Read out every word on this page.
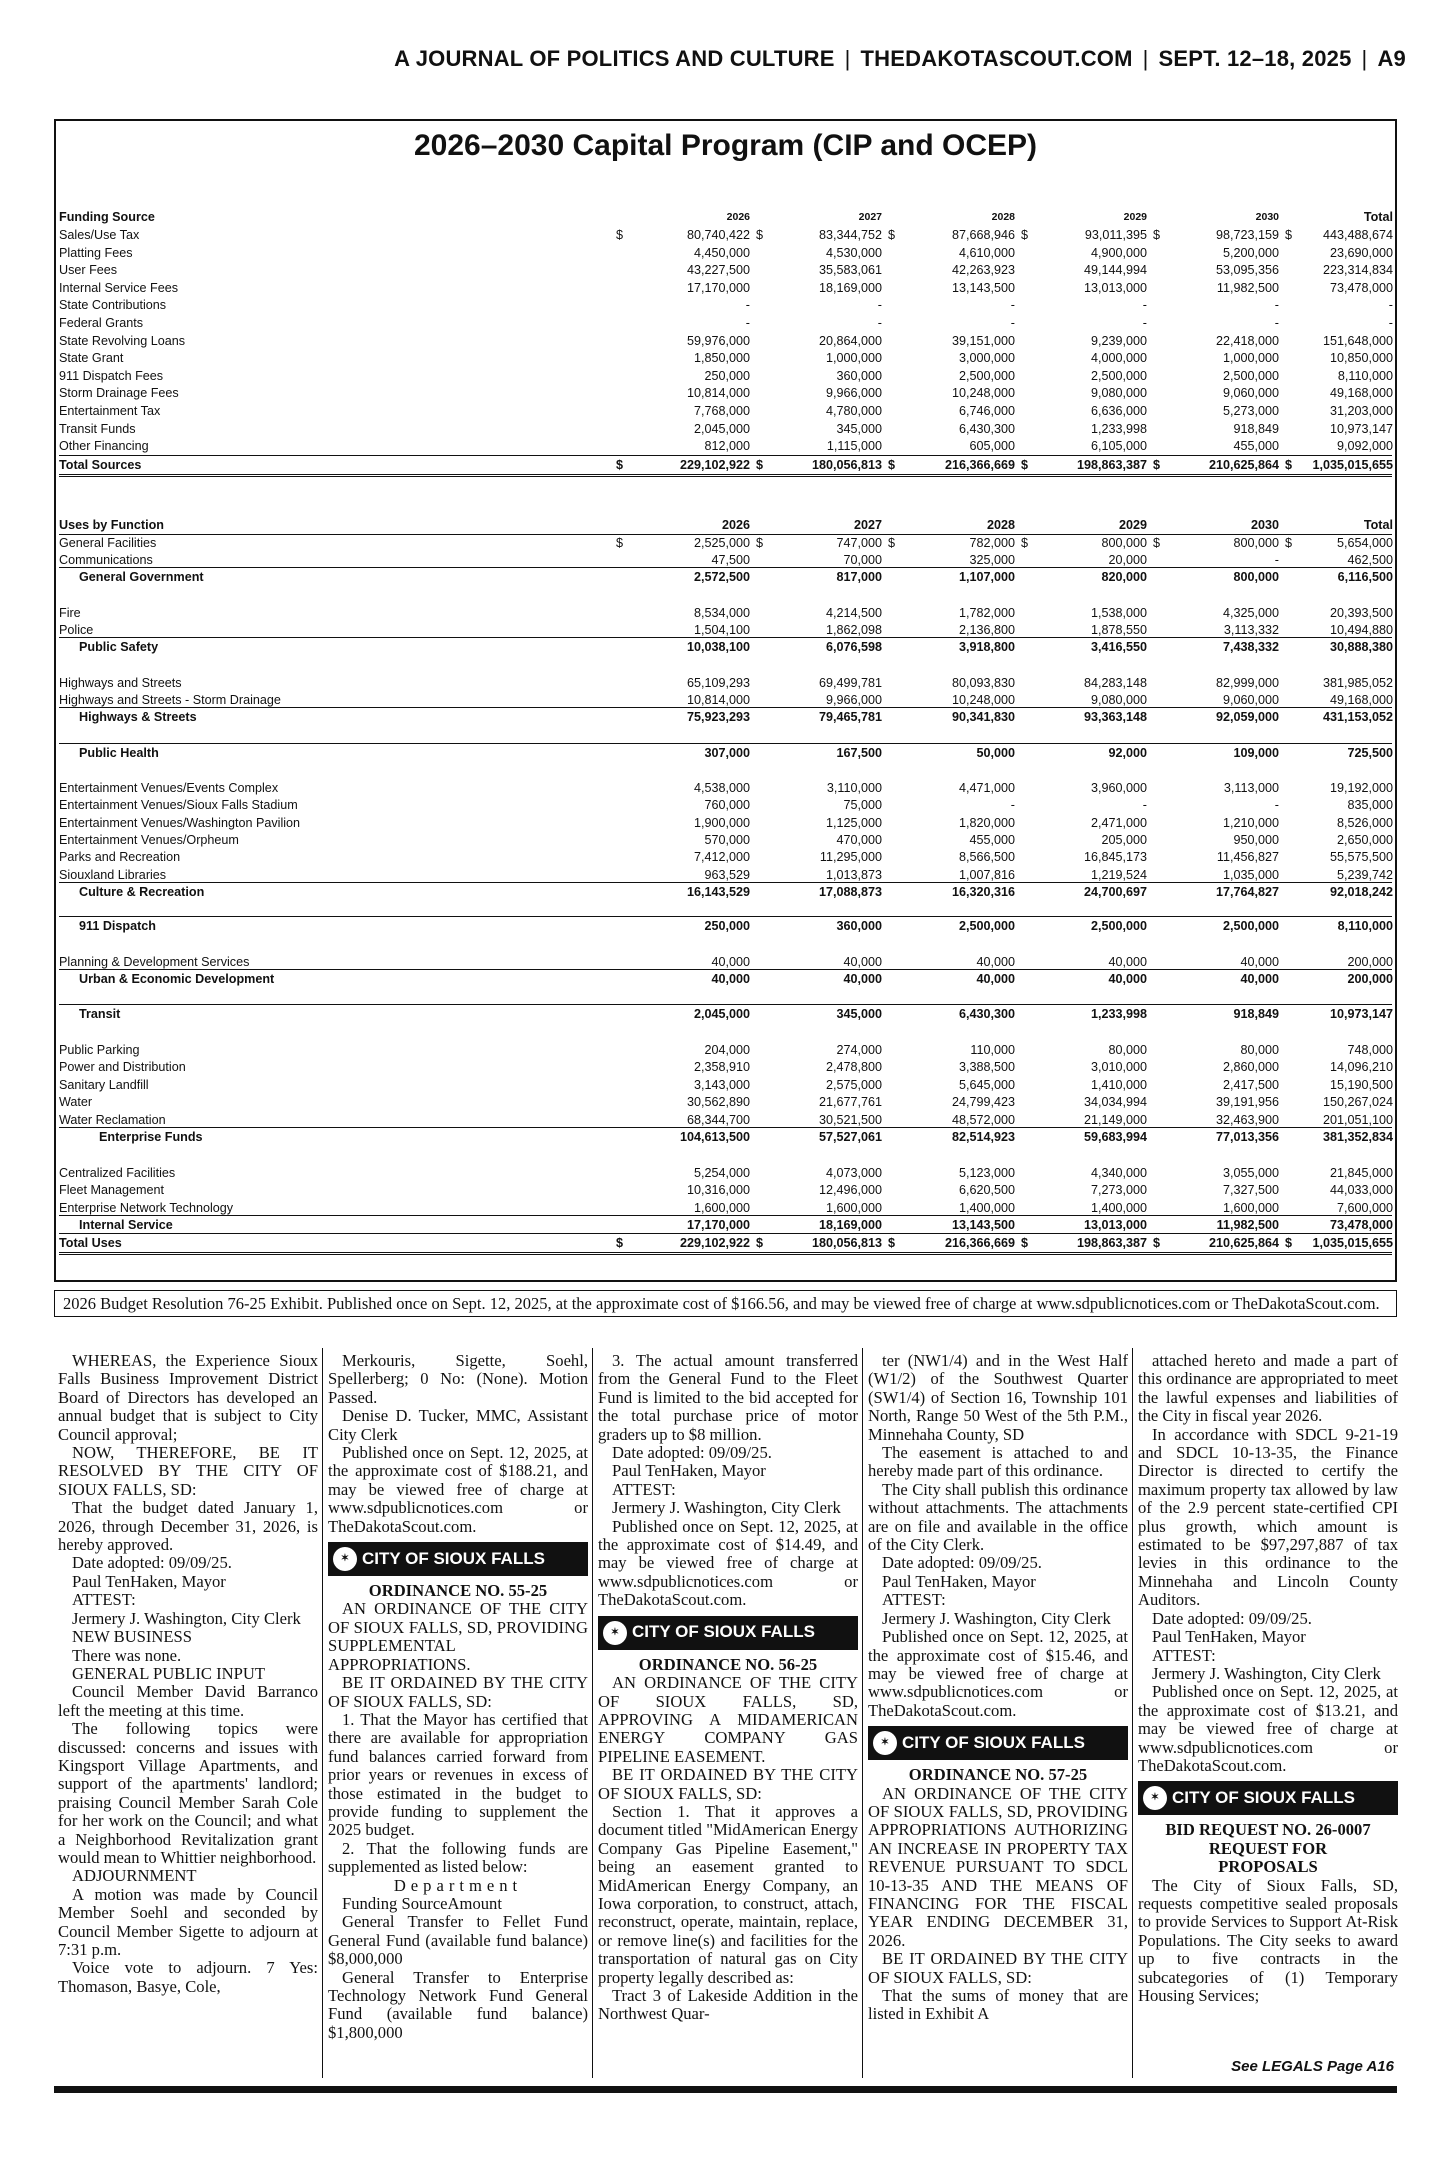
A JOURNAL OF POLITICS AND CULTURE | THEDAKOTASCOUT.COM | SEPT. 12–18, 2025 | A9
2026–2030 Capital Program (CIP and OCEP)
Funding Source	2026	2027	2028	2029	2030	Total
Sales/Use Tax	80,740,422	83,344,752	87,668,946	93,011,395	98,723,159	443,488,674
$	$	$	$	$	$
Platting Fees	4,450,000	4,530,000	4,610,000	4,900,000	5,200,000	23,690,000
User Fees	43,227,500	35,583,061	42,263,923	49,144,994	53,095,356	223,314,834
Internal Service Fees	17,170,000	18,169,000	13,143,500	13,013,000	11,982,500	73,478,000
State Contributions	-	-	-	-	-	-
Federal Grants	-	-	-	-	-	-
State Revolving Loans	59,976,000	20,864,000	39,151,000	9,239,000	22,418,000	151,648,000
State Grant	1,850,000	1,000,000	3,000,000	4,000,000	1,000,000	10,850,000
911 Dispatch Fees	250,000	360,000	2,500,000	2,500,000	2,500,000	8,110,000
Storm Drainage Fees	10,814,000	9,966,000	10,248,000	9,080,000	9,060,000	49,168,000
Entertainment Tax	7,768,000	4,780,000	6,746,000	6,636,000	5,273,000	31,203,000
Transit Funds	2,045,000	345,000	6,430,300	1,233,998	918,849	10,973,147
Other Financing	812,000	1,115,000	605,000	6,105,000	455,000	9,092,000
Total Sources	229,102,922	180,056,813	216,366,669	198,863,387	210,625,864	1,035,015,655
$	$	$	$	$	$
Uses by Function	2026	2027	2028	2029	2030	Total
General Facilities	2,525,000	747,000	782,000	800,000	800,000	5,654,000
$	$	$	$	$	$
Communications	47,500	70,000	325,000	20,000	-	462,500
General Government	2,572,500	817,000	1,107,000	820,000	800,000	6,116,500
Fire	8,534,000	4,214,500	1,782,000	1,538,000	4,325,000	20,393,500
Police	1,504,100	1,862,098	2,136,800	1,878,550	3,113,332	10,494,880
Public Safety	10,038,100	6,076,598	3,918,800	3,416,550	7,438,332	30,888,380
Highways and Streets	65,109,293	69,499,781	80,093,830	84,283,148	82,999,000	381,985,052
Highways and Streets - Storm Drainage	10,814,000	9,966,000	10,248,000	9,080,000	9,060,000	49,168,000
Highways & Streets	75,923,293	79,465,781	90,341,830	93,363,148	92,059,000	431,153,052
Public Health	307,000	167,500	50,000	92,000	109,000	725,500
Entertainment Venues/Events Complex	4,538,000	3,110,000	4,471,000	3,960,000	3,113,000	19,192,000
Entertainment Venues/Sioux Falls Stadium	760,000	75,000	-	-	-	835,000
Entertainment Venues/Washington Pavilion	1,900,000	1,125,000	1,820,000	2,471,000	1,210,000	8,526,000
Entertainment Venues/Orpheum	570,000	470,000	455,000	205,000	950,000	2,650,000
Parks and Recreation	7,412,000	11,295,000	8,566,500	16,845,173	11,456,827	55,575,500
Siouxland Libraries	963,529	1,013,873	1,007,816	1,219,524	1,035,000	5,239,742
Culture & Recreation	16,143,529	17,088,873	16,320,316	24,700,697	17,764,827	92,018,242
911 Dispatch	250,000	360,000	2,500,000	2,500,000	2,500,000	8,110,000
Planning & Development Services	40,000	40,000	40,000	40,000	40,000	200,000
Urban & Economic Development	40,000	40,000	40,000	40,000	40,000	200,000
Transit	2,045,000	345,000	6,430,300	1,233,998	918,849	10,973,147
Public Parking	204,000	274,000	110,000	80,000	80,000	748,000
Power and Distribution	2,358,910	2,478,800	3,388,500	3,010,000	2,860,000	14,096,210
Sanitary Landfill	3,143,000	2,575,000	5,645,000	1,410,000	2,417,500	15,190,500
Water	30,562,890	21,677,761	24,799,423	34,034,994	39,191,956	150,267,024
Water Reclamation	68,344,700	30,521,500	48,572,000	21,149,000	32,463,900	201,051,100
Enterprise Funds	104,613,500	57,527,061	82,514,923	59,683,994	77,013,356	381,352,834
Centralized Facilities	5,254,000	4,073,000	5,123,000	4,340,000	3,055,000	21,845,000
Fleet Management	10,316,000	12,496,000	6,620,500	7,273,000	7,327,500	44,033,000
Enterprise Network Technology	1,600,000	1,600,000	1,400,000	1,400,000	1,600,000	7,600,000
Internal Service	17,170,000	18,169,000	13,143,500	13,013,000	11,982,500	73,478,000
Total Uses	229,102,922	180,056,813	216,366,669	198,863,387	210,625,864	1,035,015,655
$	$	$	$	$	$
2026 Budget Resolution 76-25 Exhibit. Published once on Sept. 12, 2025, at the approximate cost of $166.56, and may be viewed free of charge at www.sdpublicnotices.com or TheDakotaScout.com.

WHEREAS, the Experience Sioux Falls Business Improvement District Board of Directors has developed an annual budget that is subject to City Council approval;

NOW, THEREFORE, BE IT RESOLVED BY THE CITY OF SIOUX FALLS, SD:

That the budget dated January 1, 2026, through December 31, 2026, is hereby approved.

Date adopted: 09/09/25.

Paul TenHaken, Mayor

ATTEST:

Jermery J. Washington, City Clerk

NEW BUSINESS

There was none.

GENERAL PUBLIC INPUT

Council Member David Barranco left the meeting at this time.

The following topics were discussed: concerns and issues with Kingsport Village Apartments, and support of the apartments' landlord; praising Council Member Sarah Cole for her work on the Council; and what a Neighborhood Revitalization grant would mean to Whittier neighborhood.

ADJOURNMENT

A motion was made by Council Member Soehl and seconded by Council Member Sigette to adjourn at 7:31 p.m.

Voice vote to adjourn. 7 Yes: Thomason, Basye, Cole,

Merkouris, Sigette, Soehl, Spellerberg; 0 No: (None). Motion Passed.

Denise D. Tucker, MMC, Assistant City Clerk

Published once on Sept. 12, 2025, at the approximate cost of $188.21, and may be viewed free of charge at www.sdpublicnotices.com or TheDakotaScout.com.

✶ CITY OF SIOUX FALLS

ORDINANCE NO. 55-25

AN ORDINANCE OF THE CITY OF SIOUX FALLS, SD, PROVIDING SUPPLEMENTAL APPROPRIATIONS.

BE IT ORDAINED BY THE CITY OF SIOUX FALLS, SD:

1. That the Mayor has certified that there are available for appropriation fund balances carried forward from prior years or revenues in excess of those estimated in the budget to provide funding to supplement the 2025 budget.

2. That the following funds are supplemented as listed below:

Department

Funding SourceAmount

General Transfer to Fellet Fund General Fund (available fund balance) $8,000,000

General Transfer to Enterprise Technology Network Fund General Fund (available fund balance) $1,800,000

3. The actual amount transferred from the General Fund to the Fleet Fund is limited to the bid accepted for the total purchase price of motor graders up to $8 million.

Date adopted: 09/09/25.

Paul TenHaken, Mayor

ATTEST:

Jermery J. Washington, City Clerk

Published once on Sept. 12, 2025, at the approximate cost of $14.49, and may be viewed free of charge at www.sdpublicnotices.com or TheDakotaScout.com.

✶ CITY OF SIOUX FALLS

ORDINANCE NO. 56-25

AN ORDINANCE OF THE CITY OF SIOUX FALLS, SD, APPROVING A MIDAMERICAN ENERGY COMPANY GAS PIPELINE EASEMENT.

BE IT ORDAINED BY THE CITY OF SIOUX FALLS, SD:

Section 1. That it approves a document titled "MidAmerican Energy Company Gas Pipeline Easement," being an easement granted to MidAmerican Energy Company, an Iowa corporation, to construct, attach, reconstruct, operate, maintain, replace, or remove line(s) and facilities for the transportation of natural gas on City property legally described as:

Tract 3 of Lakeside Addition in the Northwest Quar-

ter (NW1/4) and in the West Half (W1/2) of the Southwest Quarter (SW1/4) of Section 16, Township 101 North, Range 50 West of the 5th P.M., Minnehaha County, SD

The easement is attached to and hereby made part of this ordinance.

The City shall publish this ordinance without attachments. The attachments are on file and available in the office of the City Clerk.

Date adopted: 09/09/25.

Paul TenHaken, Mayor

ATTEST:

Jermery J. Washington, City Clerk

Published once on Sept. 12, 2025, at the approximate cost of $15.46, and may be viewed free of charge at www.sdpublicnotices.com or TheDakotaScout.com.

✶ CITY OF SIOUX FALLS

ORDINANCE NO. 57-25

AN ORDINANCE OF THE CITY OF SIOUX FALLS, SD, PROVIDING APPROPRIATIONS AUTHORIZING AN INCREASE IN PROPERTY TAX REVENUE PURSUANT TO SDCL 10-13-35 AND THE MEANS OF FINANCING FOR THE FISCAL YEAR ENDING DECEMBER 31, 2026.

BE IT ORDAINED BY THE CITY OF SIOUX FALLS, SD:

That the sums of money that are listed in Exhibit A

attached hereto and made a part of this ordinance are appropriated to meet the lawful expenses and liabilities of the City in fiscal year 2026.

In accordance with SDCL 9-21-19 and SDCL 10-13-35, the Finance Director is directed to certify the maximum property tax allowed by law of the 2.9 percent state-certified CPI plus growth, which amount is estimated to be $97,297,887 of tax levies in this ordinance to the Minnehaha and Lincoln County Auditors.

Date adopted: 09/09/25.

Paul TenHaken, Mayor

ATTEST:

Jermery J. Washington, City Clerk

Published once on Sept. 12, 2025, at the approximate cost of $13.21, and may be viewed free of charge at www.sdpublicnotices.com or TheDakotaScout.com.

✶ CITY OF SIOUX FALLS

BID REQUEST NO. 26-0007

REQUEST FOR

PROPOSALS

The City of Sioux Falls, SD, requests competitive sealed proposals to provide Services to Support At-Risk Populations. The City seeks to award up to five contracts in the subcategories of (1) Temporary Housing Services;

See LEGALS Page A16
